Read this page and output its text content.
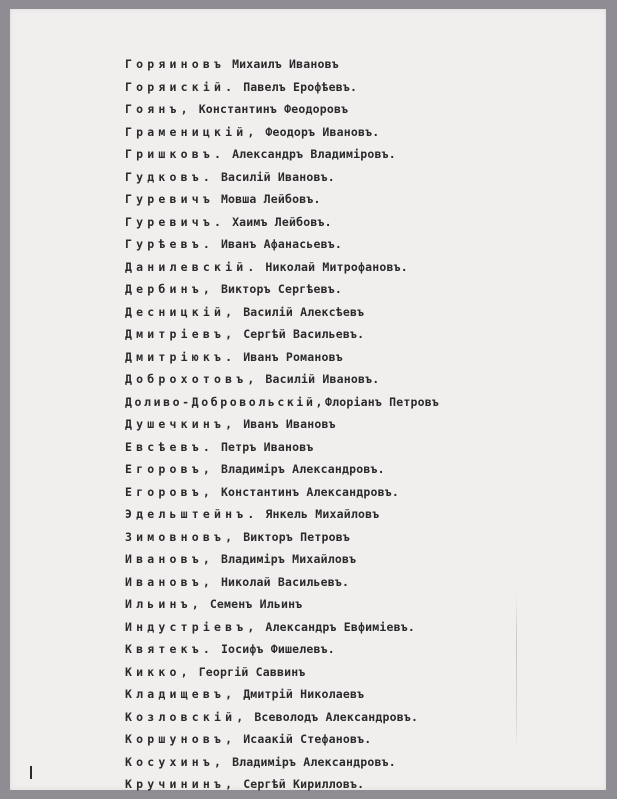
Горяиновъ Михаилъ Ивановъ
Горяискій. Павелъ Ерофѣевъ.
Гоянъ, Константинъ Феодоровъ
Граменицкій, Феодоръ Ивановъ.
Гришковъ. Александръ Владиміровъ.
Гудковъ. Василій Ивановъ.
Гуревичъ Мовша Лейбовъ.
Гуревичъ. Хаимъ Лейбовъ.
Гурѣевъ. Иванъ Афанасьевъ.
Данилевскій. Николай Митрофановъ.
Дербинъ, Викторъ Сергѣевъ.
Десницкій, Василій Алексѣевъ
Дмитріевъ, Сергѣй Васильевъ.
Дмитріюкъ. Иванъ Романовъ
Доброхотовъ, Василій Ивановъ.
Доливо-Добровольскій,Флоріанъ Петровъ
Душечкинъ, Иванъ Ивановъ
Евсѣевъ. Петръ Ивановъ
Егоровъ, Владиміръ Александровъ.
Егоровъ, Константинъ Александровъ.
Эдельштейнъ. Янкель Михайловъ
Зимовновъ, Викторъ Петровъ
Ивановъ, Владиміръ Михайловъ
Ивановъ, Николай Васильевъ.
Ильинъ, Семенъ Ильинъ
Индустріевъ, Александръ Евфиміевъ.
Квятекъ. Іосифъ Фишелевъ.
Кикко, Георгій Саввинъ
Кладищевъ, Дмитрій Николаевъ
Козловскій, Всеволодъ Александровъ.
Коршуновъ, Исаакій Стефановъ.
Косухинъ, Владиміръ Александровъ.
Кручининъ, Сергѣй Кирилловъ.
